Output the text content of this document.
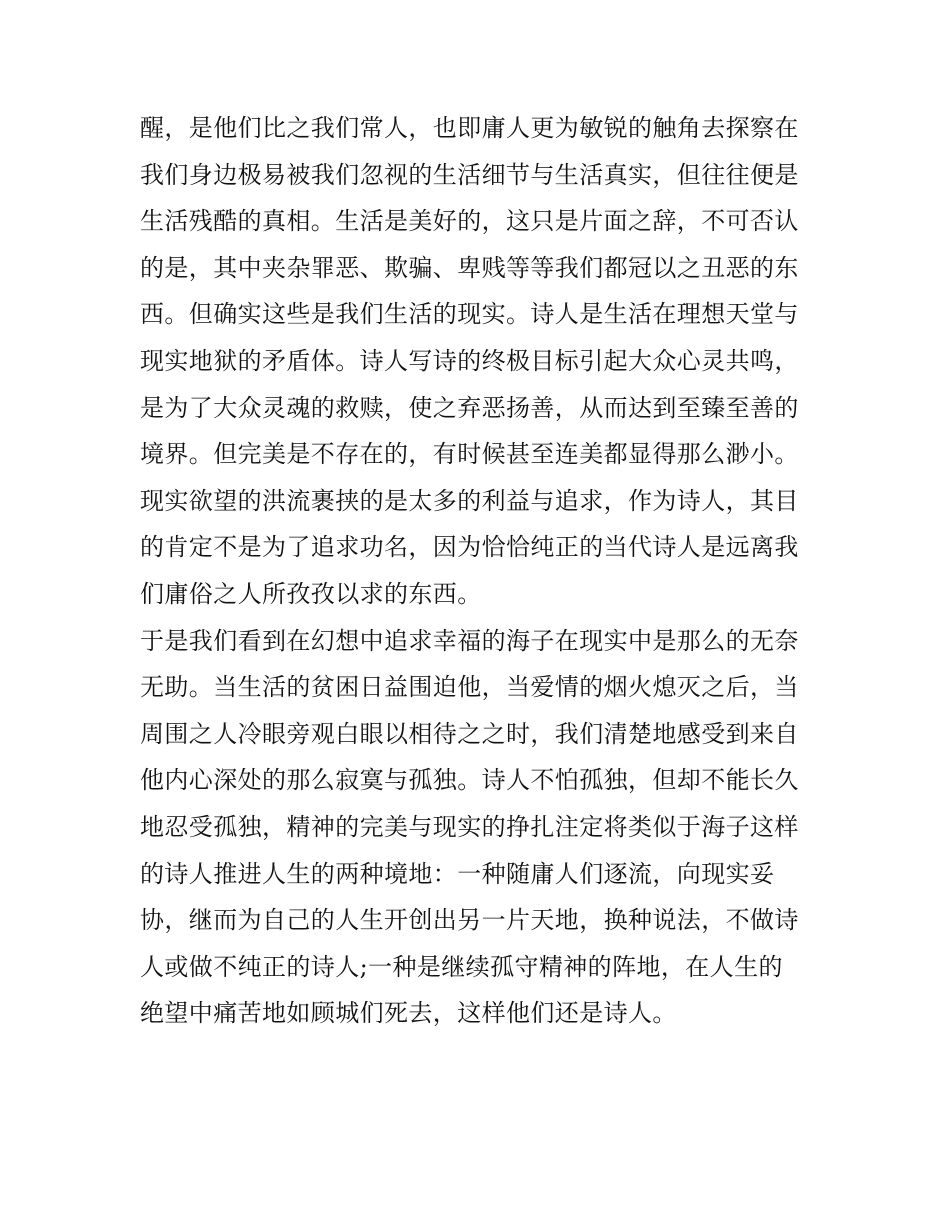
醒，是他们比之我们常人，也即庸人更为敏锐的触角去探察在
我们身边极易被我们忽视的生活细节与生活真实，但往往便是
生活残酷的真相。生活是美好的，这只是片面之辞，不可否认
的是，其中夹杂罪恶、欺骗、卑贱等等我们都冠以之丑恶的东
西。但确实这些是我们生活的现实。诗人是生活在理想天堂与
现实地狱的矛盾体。诗人写诗的终极目标引起大众心灵共鸣，
是为了大众灵魂的救赎，使之弃恶扬善，从而达到至臻至善的
境界。但完美是不存在的，有时候甚至连美都显得那么渺小。
现实欲望的洪流裹挟的是太多的利益与追求，作为诗人，其目
的肯定不是为了追求功名，因为恰恰纯正的当代诗人是远离我
们庸俗之人所孜孜以求的东西。
于是我们看到在幻想中追求幸福的海子在现实中是那么的无奈
无助。当生活的贫困日益围迫他，当爱情的烟火熄灭之后，当
周围之人冷眼旁观白眼以相待之之时，我们清楚地感受到来自
他内心深处的那么寂寞与孤独。诗人不怕孤独，但却不能长久
地忍受孤独，精神的完美与现实的挣扎注定将类似于海子这样
的诗人推进人生的两种境地：一种随庸人们逐流，向现实妥
协，继而为自己的人生开创出另一片天地，换种说法，不做诗
人或做不纯正的诗人;一种是继续孤守精神的阵地，在人生的
绝望中痛苦地如顾城们死去，这样他们还是诗人。
